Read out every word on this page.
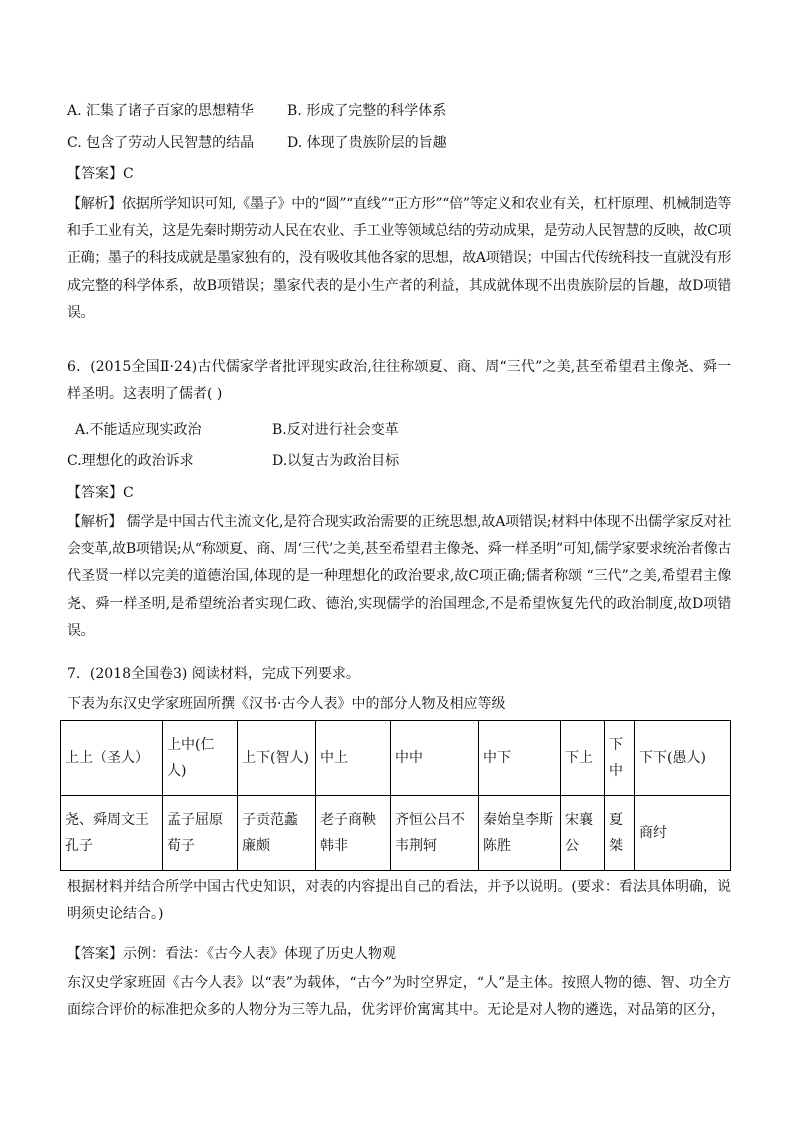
A. 汇集了诸子百家的思想精华 B. 形成了完整的科学体系
C. 包含了劳动人民智慧的结晶 D. 体现了贵族阶层的旨趣
【答案】C
【解析】依据所学知识可知,《墨子》中的“圆”“直线”“正方形”“倍”等定义和农业有关，杠杆原理、机械制造等和手工业有关，这是先秦时期劳动人民在农业、手工业等领域总结的劳动成果，是劳动人民智慧的反映，故C项正确；墨子的科技成就是墨家独有的，没有吸收其他各家的思想，故A项错误；中国古代传统科技一直就没有形成完整的科学体系，故B项错误；墨家代表的是小生产者的利益，其成就体现不出贵族阶层的旨趣，故D项错误。
6．(2015全国Ⅱ·24)古代儒家学者批评现实政治,往往称颂夏、商、周“三代”之美,甚至希望君主像尧、舜一样圣明。这表明了儒者( )
A.不能适应现实政治	B.反对进行社会变革
C.理想化的政治诉求	D.以复古为政治目标
【答案】C
【解析】 儒学是中国古代主流文化,是符合现实政治需要的正统思想,故A项错误;材料中体现不出儒学家反对社会变革,故B项错误;从“称颂夏、商、周‘三代’之美,甚至希望君主像尧、舜一样圣明”可知,儒学家要求统治者像古代圣贤一样以完美的道德治国,体现的是一种理想化的政治要求,故C项正确;儒者称颂 “三代”之美,希望君主像尧、舜一样圣明,是希望统治者实现仁政、德治,实现儒学的治国理念,不是希望恢复先代的政治制度,故D项错误。
7．(2018全国卷3) 阅读材料，完成下列要求。
下表为东汉史学家班固所撰《汉书·古今人表》中的部分人物及相应等级
上上（圣人）	上中(仁人)	上下(智人)	中上	中中	中下	下上	下中	下下(愚人)
尧、舜周文王孔子	孟子屈原荀子	子贡范蠡廉颇	老子商鞅韩非	齐恒公吕不韦荆轲	秦始皇李斯陈胜	宋襄公	夏桀	商纣
根据材料并结合所学中国古代史知识，对表的内容提出自己的看法，并予以说明。(要求：看法具体明确，说明须史论结合。)
【答案】示例：看法：《古今人表》体现了历史人物观
东汉史学家班固《古今人表》以“表”为载体，“古今”为时空界定，“人”是主体。按照人物的德、智、功全方面综合评价的标准把众多的人物分为三等九品，优劣评价寓寓其中。无论是对人物的遴选，对品第的区分，
